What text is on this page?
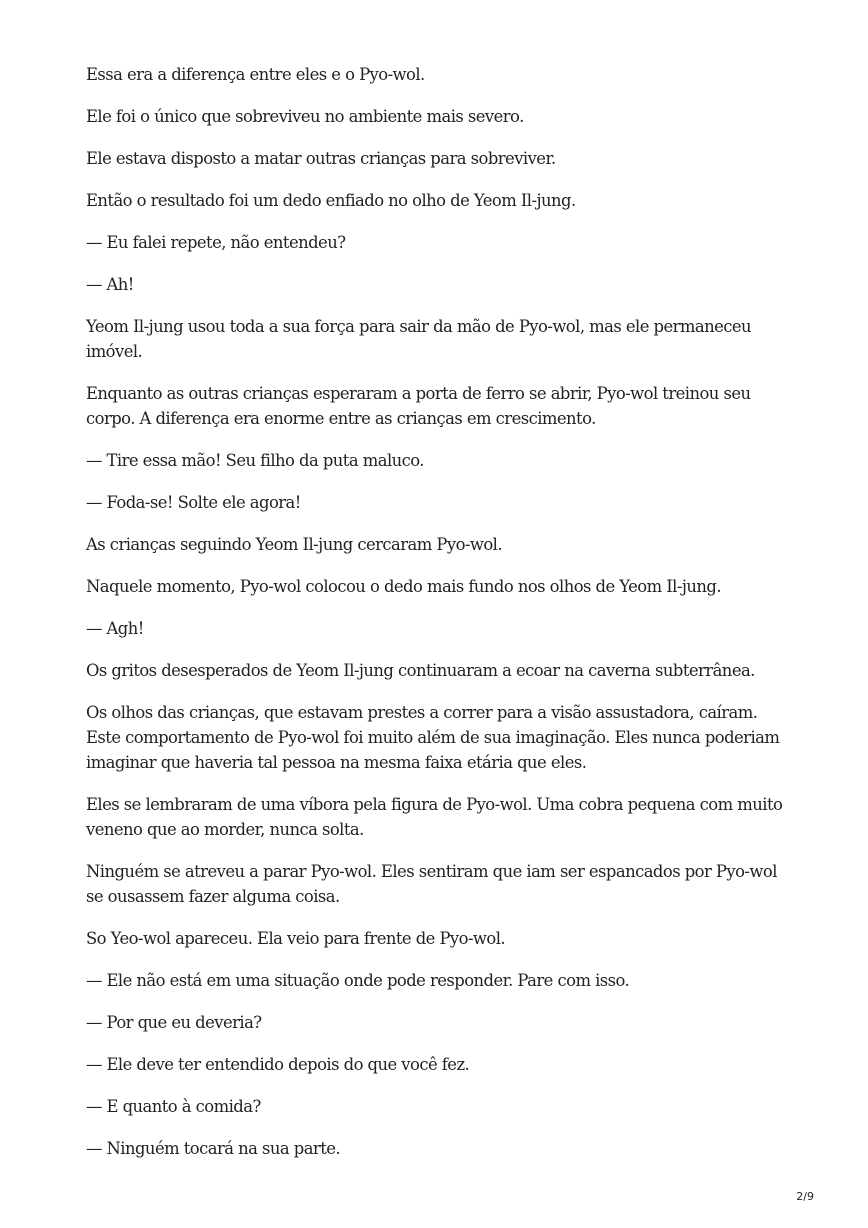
Essa era a diferença entre eles e o Pyo-wol.

Ele foi o único que sobreviveu no ambiente mais severo.

Ele estava disposto a matar outras crianças para sobreviver.

Então o resultado foi um dedo enfiado no olho de Yeom Il-jung.

— Eu falei repete, não entendeu?

— Ah!

Yeom Il-jung usou toda a sua força para sair da mão de Pyo-wol, mas ele permaneceu imóvel.

Enquanto as outras crianças esperaram a porta de ferro se abrir, Pyo-wol treinou seu corpo. A diferença era enorme entre as crianças em crescimento.

— Tire essa mão! Seu filho da puta maluco.

— Foda-se! Solte ele agora!

As crianças seguindo Yeom Il-jung cercaram Pyo-wol.

Naquele momento, Pyo-wol colocou o dedo mais fundo nos olhos de Yeom Il-jung.

— Agh!

Os gritos desesperados de Yeom Il-jung continuaram a ecoar na caverna subterrânea.

Os olhos das crianças, que estavam prestes a correr para a visão assustadora, caíram. Este comportamento de Pyo-wol foi muito além de sua imaginação. Eles nunca poderiam imaginar que haveria tal pessoa na mesma faixa etária que eles.

Eles se lembraram de uma víbora pela figura de Pyo-wol. Uma cobra pequena com muito veneno que ao morder, nunca solta.

Ninguém se atreveu a parar Pyo-wol. Eles sentiram que iam ser espancados por Pyo-wol se ousassem fazer alguma coisa.

So Yeo-wol apareceu. Ela veio para frente de Pyo-wol.

— Ele não está em uma situação onde pode responder. Pare com isso.

— Por que eu deveria?

— Ele deve ter entendido depois do que você fez.

— E quanto à comida?

— Ninguém tocará na sua parte.

2/9
